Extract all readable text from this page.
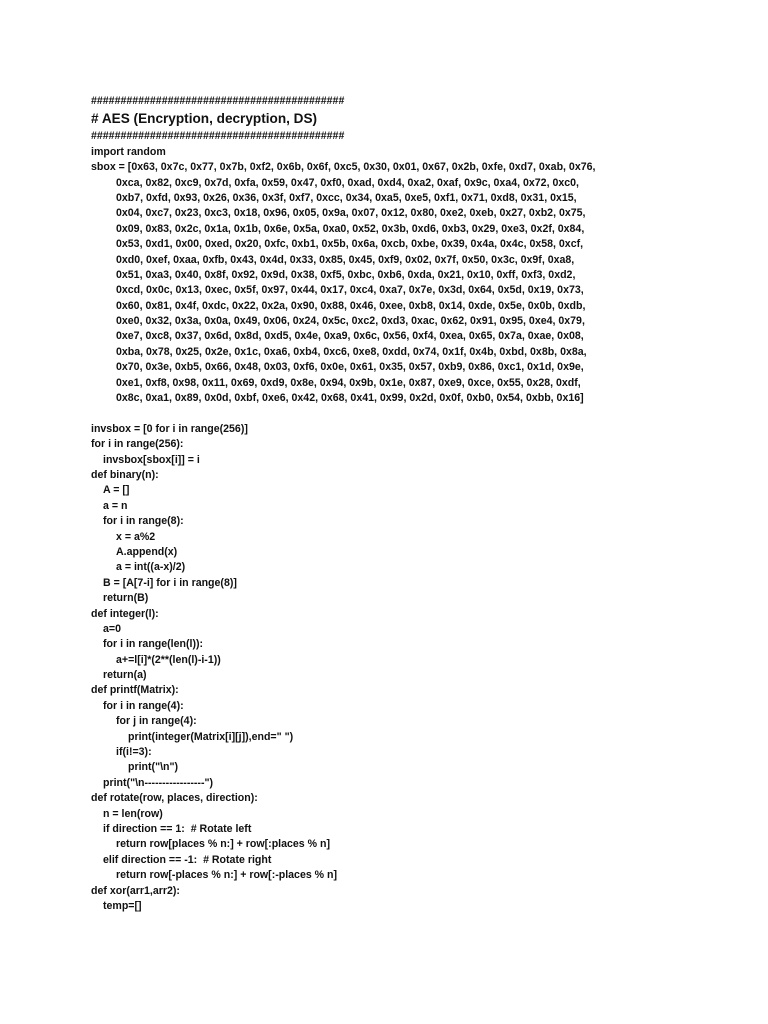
###########################################
# AES (Encryption, decryption, DS)
###########################################
import random
sbox = [0x63, 0x7c, 0x77, 0x7b, 0xf2, 0x6b, 0x6f, 0xc5, 0x30, 0x01, 0x67, 0x2b, 0xfe, 0xd7, 0xab, 0x76,
0xca, 0x82, 0xc9, 0x7d, 0xfa, 0x59, 0x47, 0xf0, 0xad, 0xd4, 0xa2, 0xaf, 0x9c, 0xa4, 0x72, 0xc0,
0xb7, 0xfd, 0x93, 0x26, 0x36, 0x3f, 0xf7, 0xcc, 0x34, 0xa5, 0xe5, 0xf1, 0x71, 0xd8, 0x31, 0x15,
0x04, 0xc7, 0x23, 0xc3, 0x18, 0x96, 0x05, 0x9a, 0x07, 0x12, 0x80, 0xe2, 0xeb, 0x27, 0xb2, 0x75,
0x09, 0x83, 0x2c, 0x1a, 0x1b, 0x6e, 0x5a, 0xa0, 0x52, 0x3b, 0xd6, 0xb3, 0x29, 0xe3, 0x2f, 0x84,
0x53, 0xd1, 0x00, 0xed, 0x20, 0xfc, 0xb1, 0x5b, 0x6a, 0xcb, 0xbe, 0x39, 0x4a, 0x4c, 0x58, 0xcf,
0xd0, 0xef, 0xaa, 0xfb, 0x43, 0x4d, 0x33, 0x85, 0x45, 0xf9, 0x02, 0x7f, 0x50, 0x3c, 0x9f, 0xa8,
0x51, 0xa3, 0x40, 0x8f, 0x92, 0x9d, 0x38, 0xf5, 0xbc, 0xb6, 0xda, 0x21, 0x10, 0xff, 0xf3, 0xd2,
0xcd, 0x0c, 0x13, 0xec, 0x5f, 0x97, 0x44, 0x17, 0xc4, 0xa7, 0x7e, 0x3d, 0x64, 0x5d, 0x19, 0x73,
0x60, 0x81, 0x4f, 0xdc, 0x22, 0x2a, 0x90, 0x88, 0x46, 0xee, 0xb8, 0x14, 0xde, 0x5e, 0x0b, 0xdb,
0xe0, 0x32, 0x3a, 0x0a, 0x49, 0x06, 0x24, 0x5c, 0xc2, 0xd3, 0xac, 0x62, 0x91, 0x95, 0xe4, 0x79,
0xe7, 0xc8, 0x37, 0x6d, 0x8d, 0xd5, 0x4e, 0xa9, 0x6c, 0x56, 0xf4, 0xea, 0x65, 0x7a, 0xae, 0x08,
0xba, 0x78, 0x25, 0x2e, 0x1c, 0xa6, 0xb4, 0xc6, 0xe8, 0xdd, 0x74, 0x1f, 0x4b, 0xbd, 0x8b, 0x8a,
0x70, 0x3e, 0xb5, 0x66, 0x48, 0x03, 0xf6, 0x0e, 0x61, 0x35, 0x57, 0xb9, 0x86, 0xc1, 0x1d, 0x9e,
0xe1, 0xf8, 0x98, 0x11, 0x69, 0xd9, 0x8e, 0x94, 0x9b, 0x1e, 0x87, 0xe9, 0xce, 0x55, 0x28, 0xdf,
0x8c, 0xa1, 0x89, 0x0d, 0xbf, 0xe6, 0x42, 0x68, 0x41, 0x99, 0x2d, 0x0f, 0xb0, 0x54, 0xbb, 0x16]
invsbox = [0 for i in range(256)]
for i in range(256):
invsbox[sbox[i]] = i
def binary(n):
A = []
a = n
for i in range(8):
x = a%2
A.append(x)
a = int((a-x)/2)
B = [A[7-i] for i in range(8)]
return(B)
def integer(l):
a=0
for i in range(len(l)):
a+=l[i]*(2**(len(l)-i-1))
return(a)
def printf(Matrix):
for i in range(4):
for j in range(4):
print(integer(Matrix[i][j]),end=" ")
if(i!=3):
print("\n")
print("\n-----------------")
def rotate(row, places, direction):
n = len(row)
if direction == 1:  # Rotate left
return row[places % n:] + row[:places % n]
elif direction == -1:  # Rotate right
return row[-places % n:] + row[:-places % n]
def xor(arr1,arr2):
temp=[]
